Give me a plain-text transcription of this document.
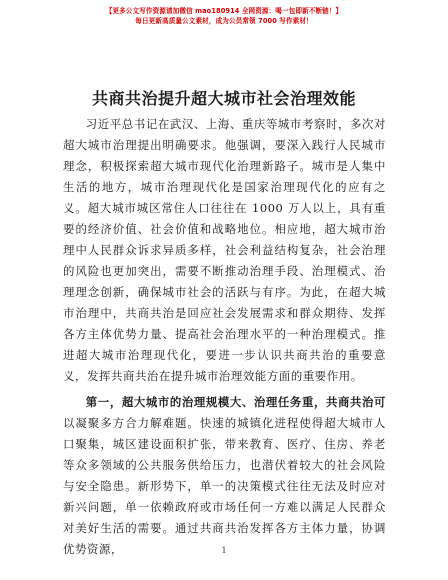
【更多公文写作资源请加微信 mao180914 全网资源：喝一包即新不断链！】
每日更新高质量公文素材，成为公员常领 7000 写作素材！
共商共治提升超大城市社会治理效能

习近平总书记在武汉、上海、重庆等城市考察时，多次对超大城市治理提出明确要求。他强调，要深入践行人民城市理念，积极探索超大城市现代化治理新路子。城市是人集中生活的地方，城市治理现代化是国家治理现代化的应有之义。超大城市城区常住人口往往在 1000 万人以上，具有重要的经济价值、社会价值和战略地位。相应地，超大城市治理中人民群众诉求异质多样，社会利益结构复杂，社会治理的风险也更加突出，需要不断推动治理手段、治理模式、治理理念创新，确保城市社会的活跃与有序。为此，在超大城市治理中，共商共治是回应社会发展需求和群众期待、发挥各方主体优势力量、提高社会治理水平的一种治理模式。推进超大城市治理现代化，要进一步认识共商共治的重要意义，发挥共商共治在提升城市治理效能方面的重要作用。

第一，超大城市的治理规模大、治理任务重，共商共治可以凝聚多方合力解难题。快速的城镇化进程使得超大城市人口聚集，城区建设面积扩张，带来教育、医疗、住房、养老等众多领域的公共服务供给压力，也潜伏着较大的社会风险与安全隐患。新形势下，单一的决策模式往往无法及时应对新兴问题，单一依赖政府或市场任何一方难以满足人民群众对美好生活的需要。通过共商共治发挥各方主体力量，协调优势资源，	1
